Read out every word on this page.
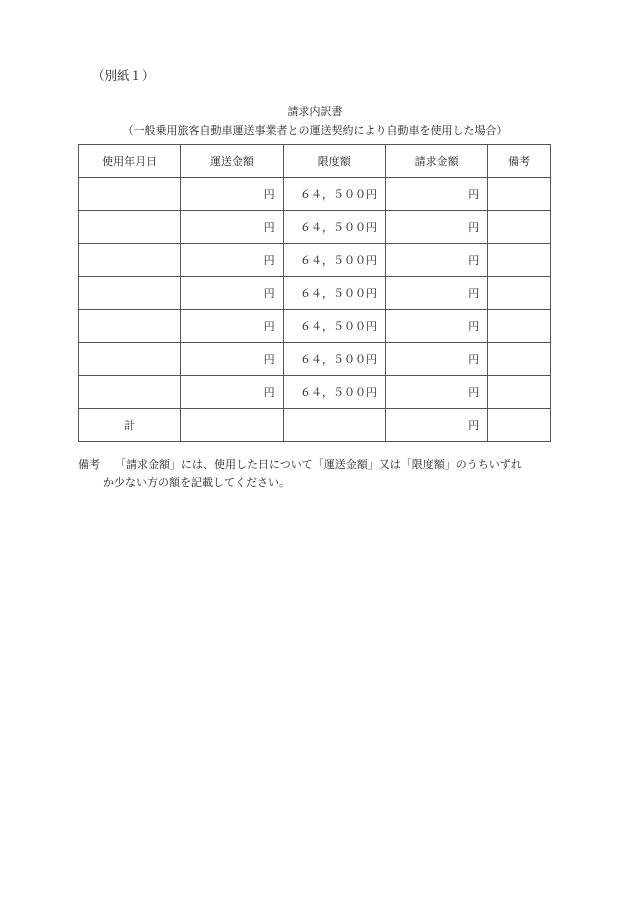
（別紙１）
請求内訳書
（一般乗用旅客自動車運送事業者との運送契約により自動車を使用した場合）
使用年月日	運送金額	限度額	請求金額	備考
	円	６４，５００円	円	
	円	６４，５００円	円	
	円	６４，５００円	円	
	円	６４，５００円	円	
	円	６４，５００円	円	
	円	６４，５００円	円	
	円	６４，５００円	円	
計			円	
備考 「請求金額」には、使用した日について「運送金額」又は「限度額」のうちいずれ
か少ない方の額を記載してください。
